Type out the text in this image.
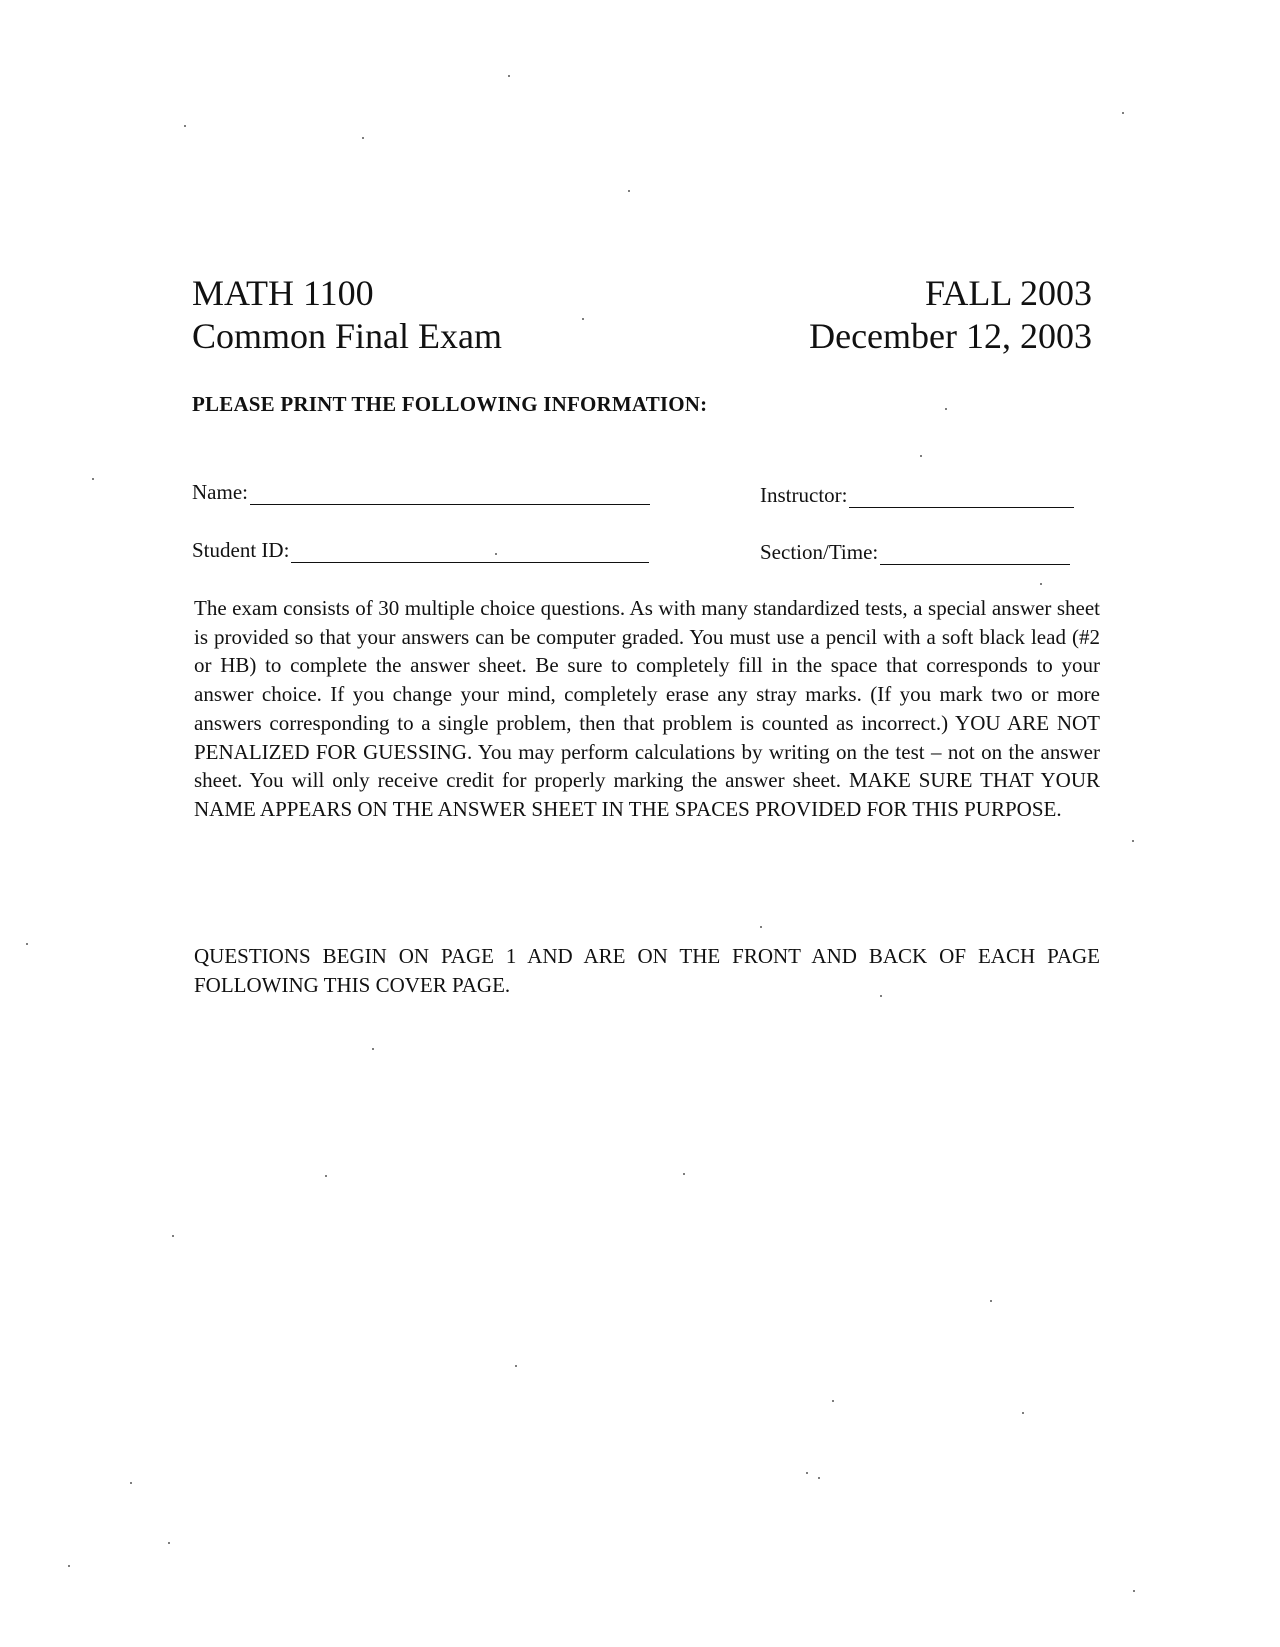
MATH 1100
Common Final Exam
FALL 2003
December 12, 2003
PLEASE PRINT THE FOLLOWING INFORMATION:
Name:	Instructor:
Student ID:	Section/Time:
The exam consists of 30 multiple choice questions. As with many standardized tests, a special answer sheet is provided so that your answers can be computer graded. You must use a pencil with a soft black lead (#2 or HB) to complete the answer sheet. Be sure to completely fill in the space that corresponds to your answer choice. If you change your mind, completely erase any stray marks. (If you mark two or more answers corresponding to a single problem, then that problem is counted as incorrect.) YOU ARE NOT PENALIZED FOR GUESSING. You may perform calculations by writing on the test – not on the answer sheet. You will only receive credit for properly marking the answer sheet. MAKE SURE THAT YOUR NAME APPEARS ON THE ANSWER SHEET IN THE SPACES PROVIDED FOR THIS PURPOSE.
QUESTIONS BEGIN ON PAGE 1 AND ARE ON THE FRONT AND BACK OF EACH PAGE FOLLOWING THIS COVER PAGE.
